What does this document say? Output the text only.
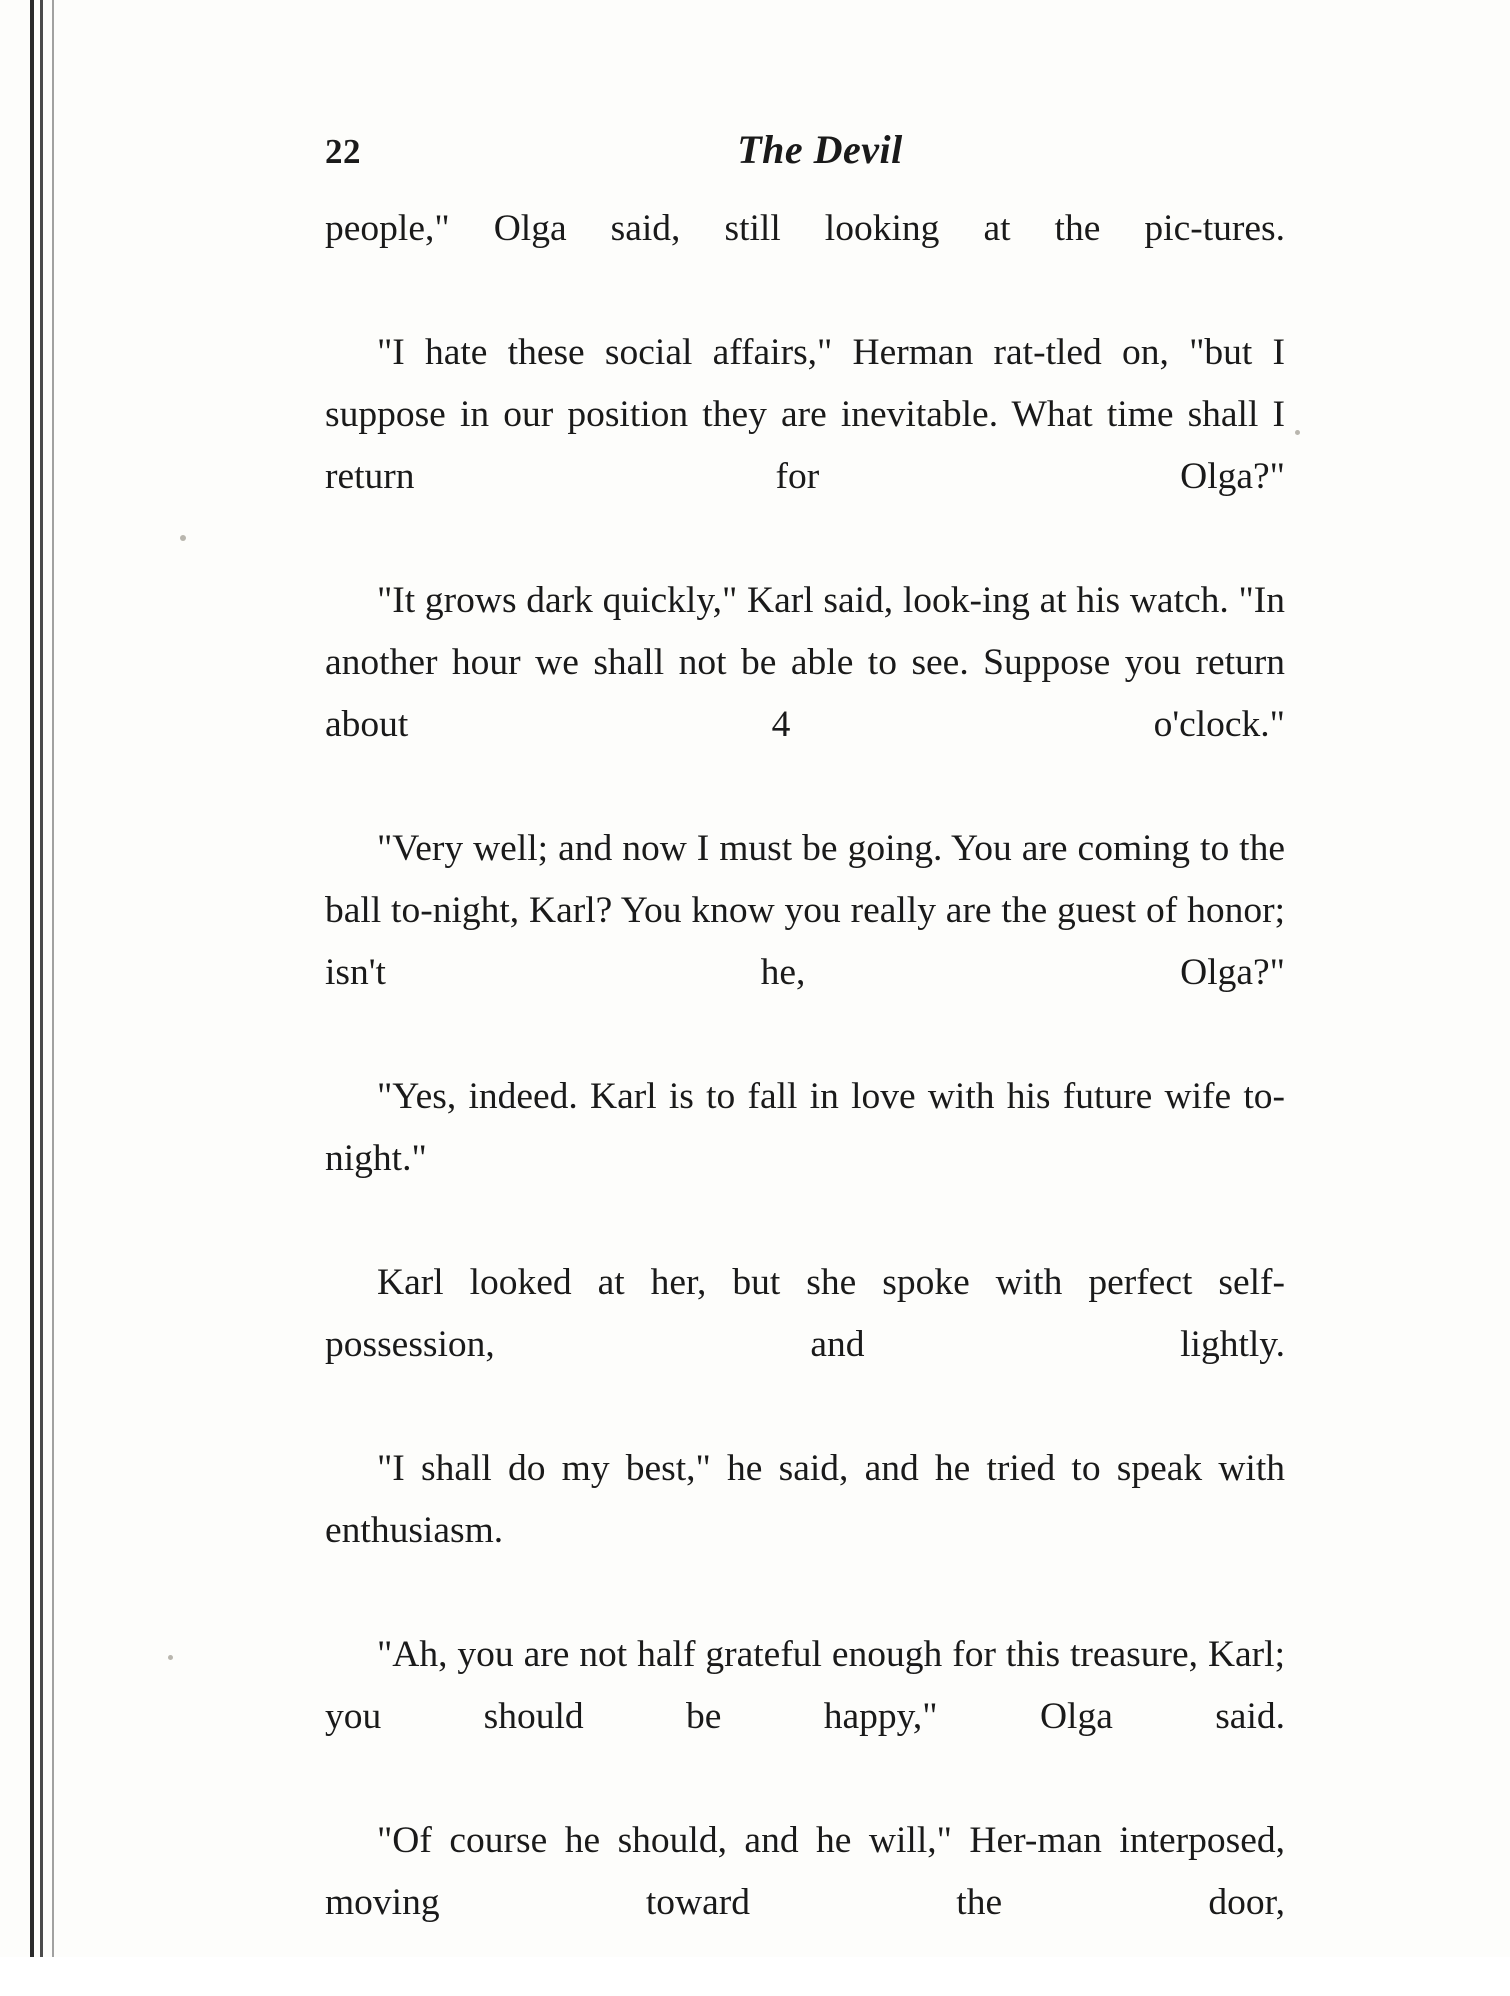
22	The Devil

people," Olga said, still looking at the pic-tures.

"I hate these social affairs," Herman rat-tled on, "but I suppose in our position they are inevitable. What time shall I return for Olga?"

"It grows dark quickly," Karl said, look-ing at his watch. "In another hour we shall not be able to see. Suppose you return about 4 o'clock."

"Very well; and now I must be going. You are coming to the ball to-night, Karl? You know you really are the guest of honor; isn't he, Olga?"

"Yes, indeed. Karl is to fall in love with his future wife to-night."

Karl looked at her, but she spoke with perfect self-possession, and lightly.

"I shall do my best," he said, and he tried to speak with enthusiasm.

"Ah, you are not half grateful enough for this treasure, Karl; you should be happy," Olga said.

"Of course he should, and he will," Her-man interposed, moving toward the door,
